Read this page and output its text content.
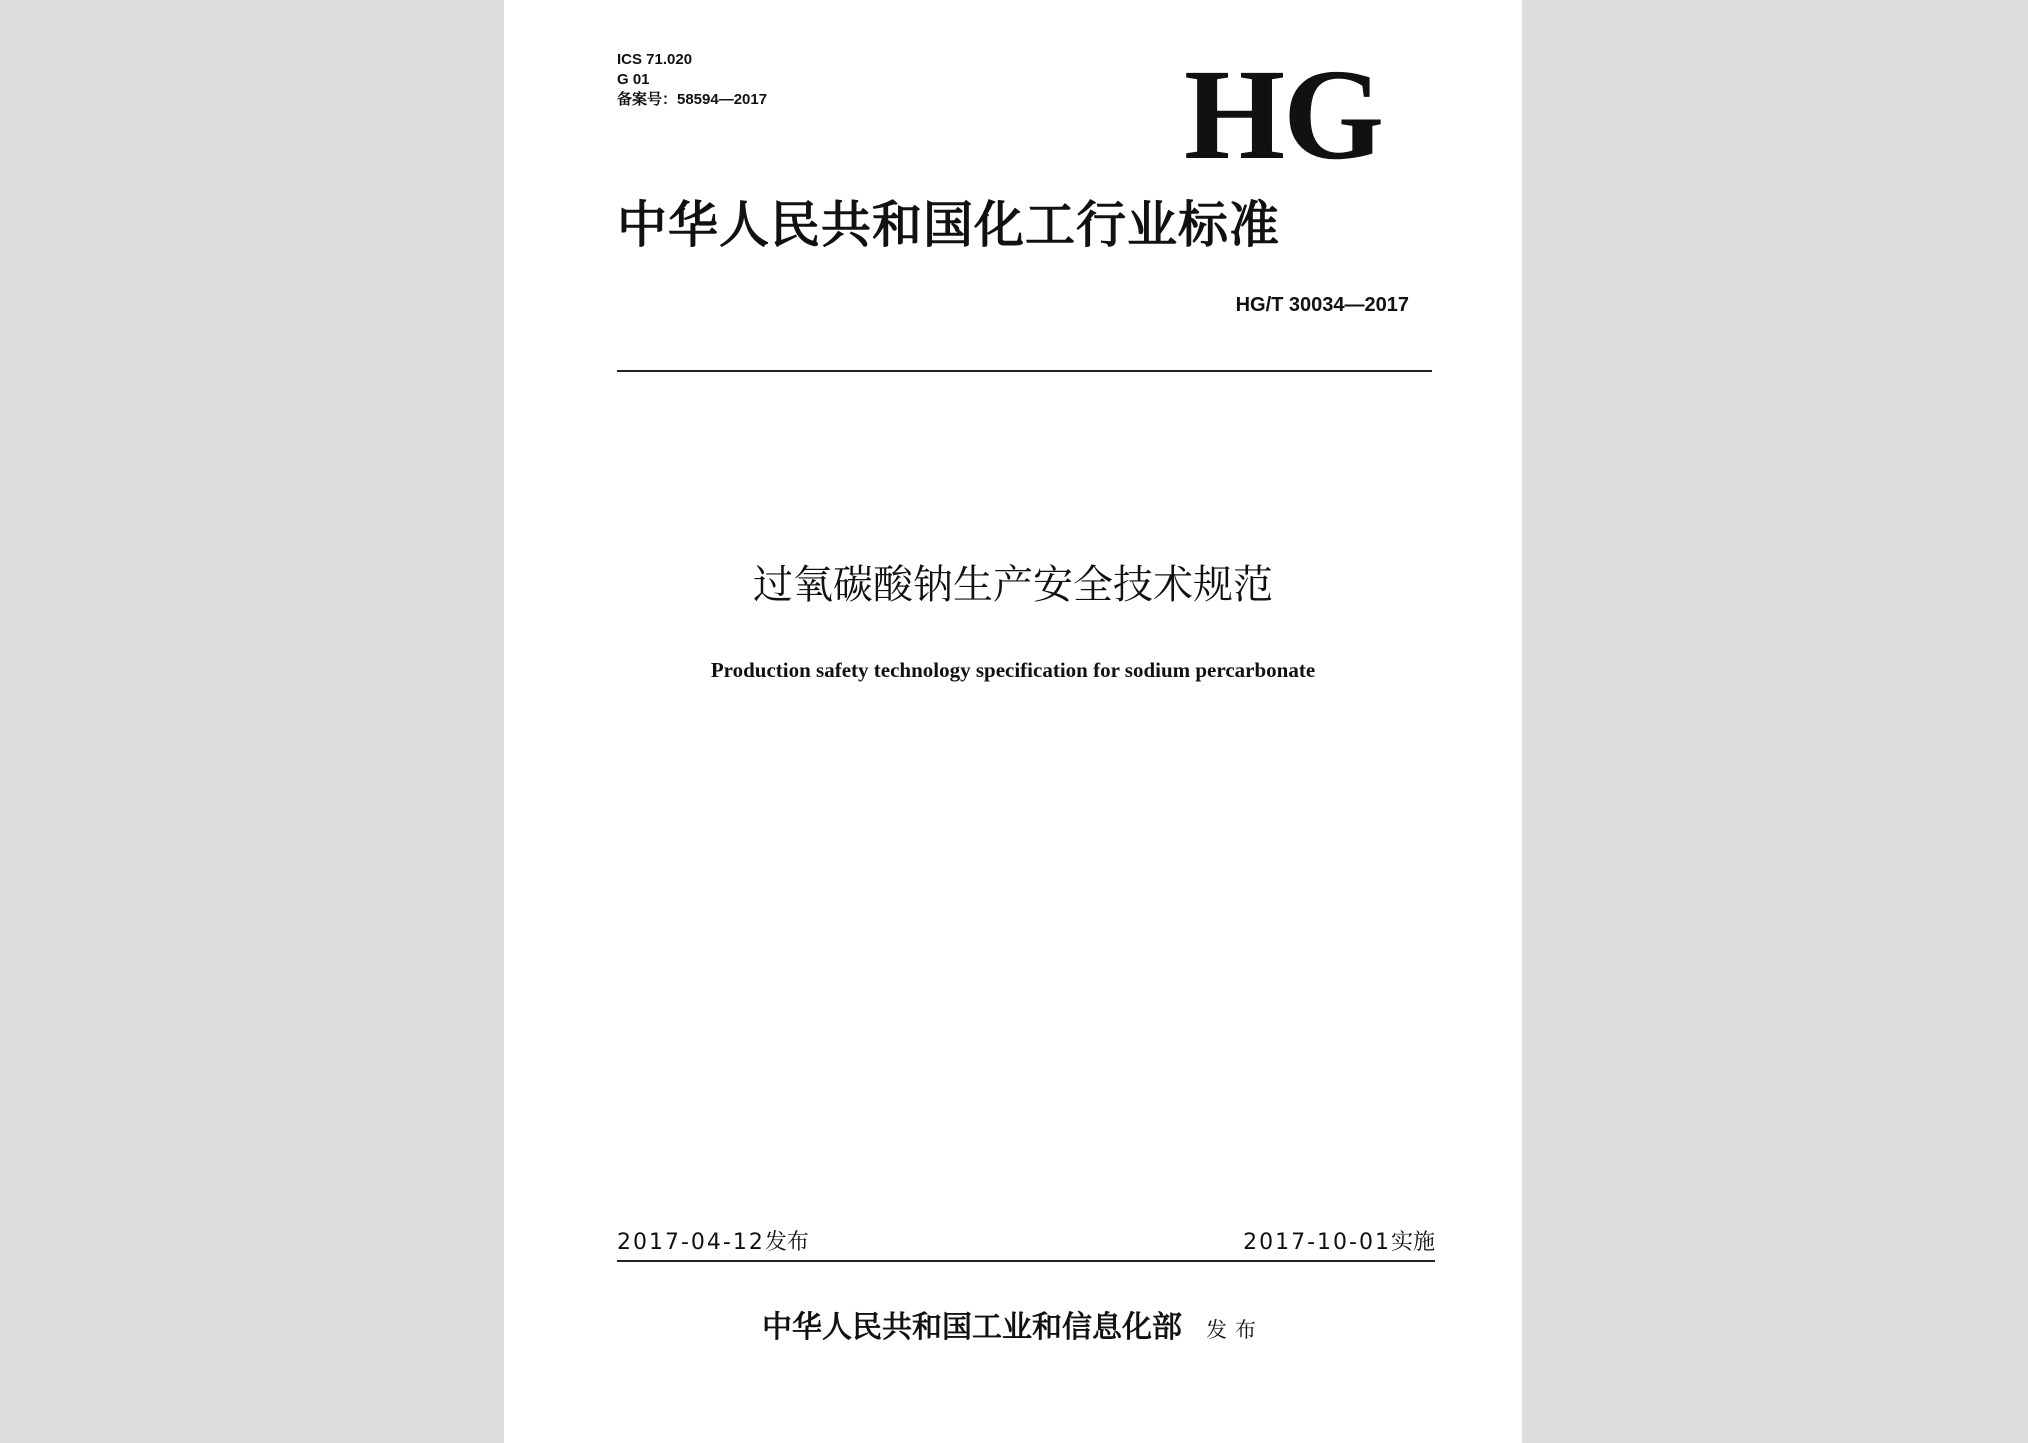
ICS 71.020
G 01
备案号：58594—2017	HG
中华人民共和国化工行业标准
HG/T 30034—2017
过氧碳酸钠生产安全技术规范
Production safety technology specification for sodium percarbonate
2017-04-12发布	2017-10-01实施
中华人民共和国工业和信息化部 发布
